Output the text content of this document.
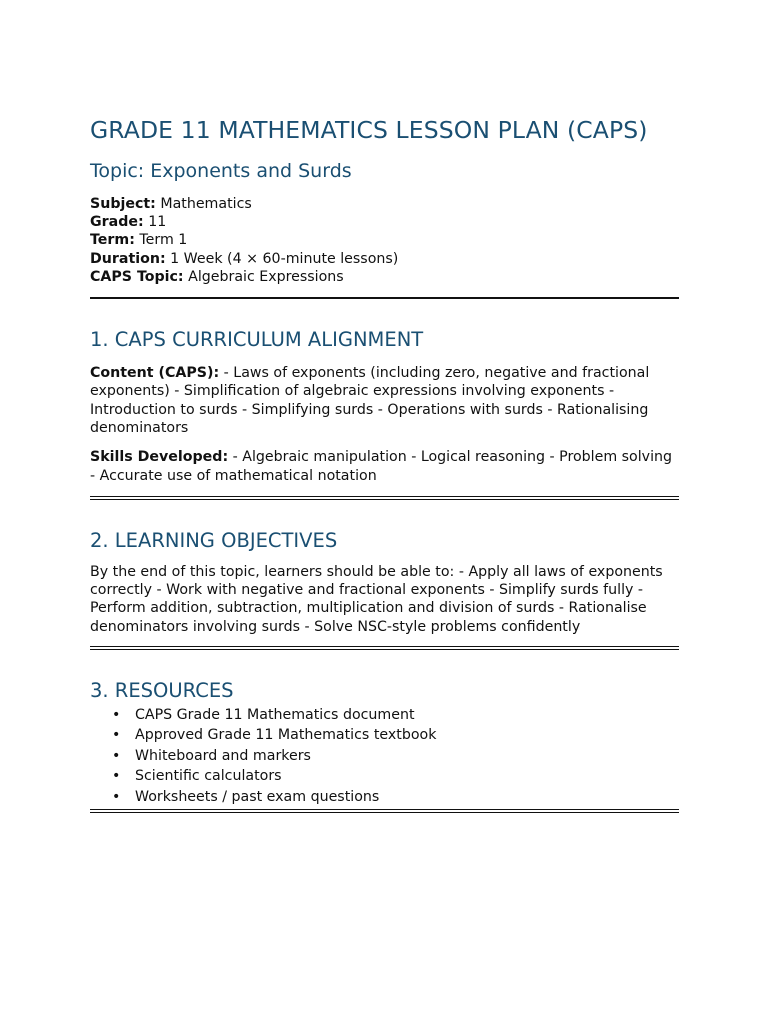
GRADE 11 MATHEMATICS LESSON PLAN (CAPS)
Topic: Exponents and Surds
Subject: Mathematics
Grade: 11
Term: Term 1
Duration: 1 Week (4 × 60-minute lessons)
CAPS Topic: Algebraic Expressions
1. CAPS CURRICULUM ALIGNMENT

Content (CAPS): - Laws of exponents (including zero, negative and fractional exponents) - Simplification of algebraic expressions involving exponents - Introduction to surds - Simplifying surds - Operations with surds - Rationalising denominators

Skills Developed: - Algebraic manipulation - Logical reasoning - Problem solving - Accurate use of mathematical notation

2. LEARNING OBJECTIVES

By the end of this topic, learners should be able to: - Apply all laws of exponents correctly - Work with negative and fractional exponents - Simplify surds fully - Perform addition, subtraction, multiplication and division of surds - Rationalise denominators involving surds - Solve NSC-style problems confidently

3. RESOURCES
• CAPS Grade 11 Mathematics document
• Approved Grade 11 Mathematics textbook
• Whiteboard and markers
• Scientific calculators
• Worksheets / past exam questions
